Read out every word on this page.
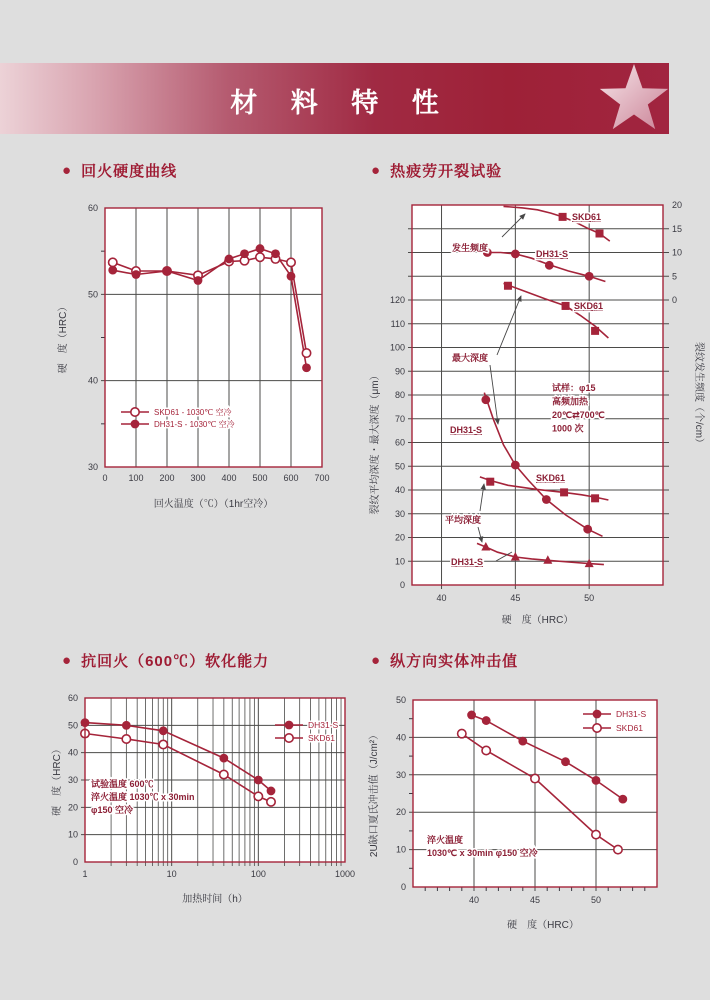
材 料 特 性
● 回火硬度曲线	● 热疲劳开裂试验
● 抗回火（600℃）软化能力	● 纵方向实体冲击值
0 100 200 300 400 500 600 700
30
40
50
60
SKD61 - 1030℃ 空冷
DH31-S - 1030℃ 空冷
回火温度（℃）（1hr空冷）
硬　度（HRC）
40	45	50
0
10
20
30
40
50
60
70
80
90
100
110
120	0
5
10
15
20
发生频度
SKD61
DH31-S
SKD61
最大深度
DH31-S
SKD61
平均深度
DH31-S
试样：φ15
高频加热
20℃⇄700℃
1000 次
硬　度（HRC）
裂纹平均深度・最大深度（μm）	裂纹发生频度（个/cm）
0
10
20
30
40
50
60
1	10	100	1000
DH31-S
SKD61
试验温度 600℃
淬火温度 1030℃ x 30min
φ150 空冷
加热时间（h）
硬　度（HRC）
40	45	50
0
10
20
30
40
50
DH31-S
SKD61
淬火温度
1030℃ x 30min φ150 空冷
硬　度（HRC）
2U缺口夏氏冲击值（J/cm²）
